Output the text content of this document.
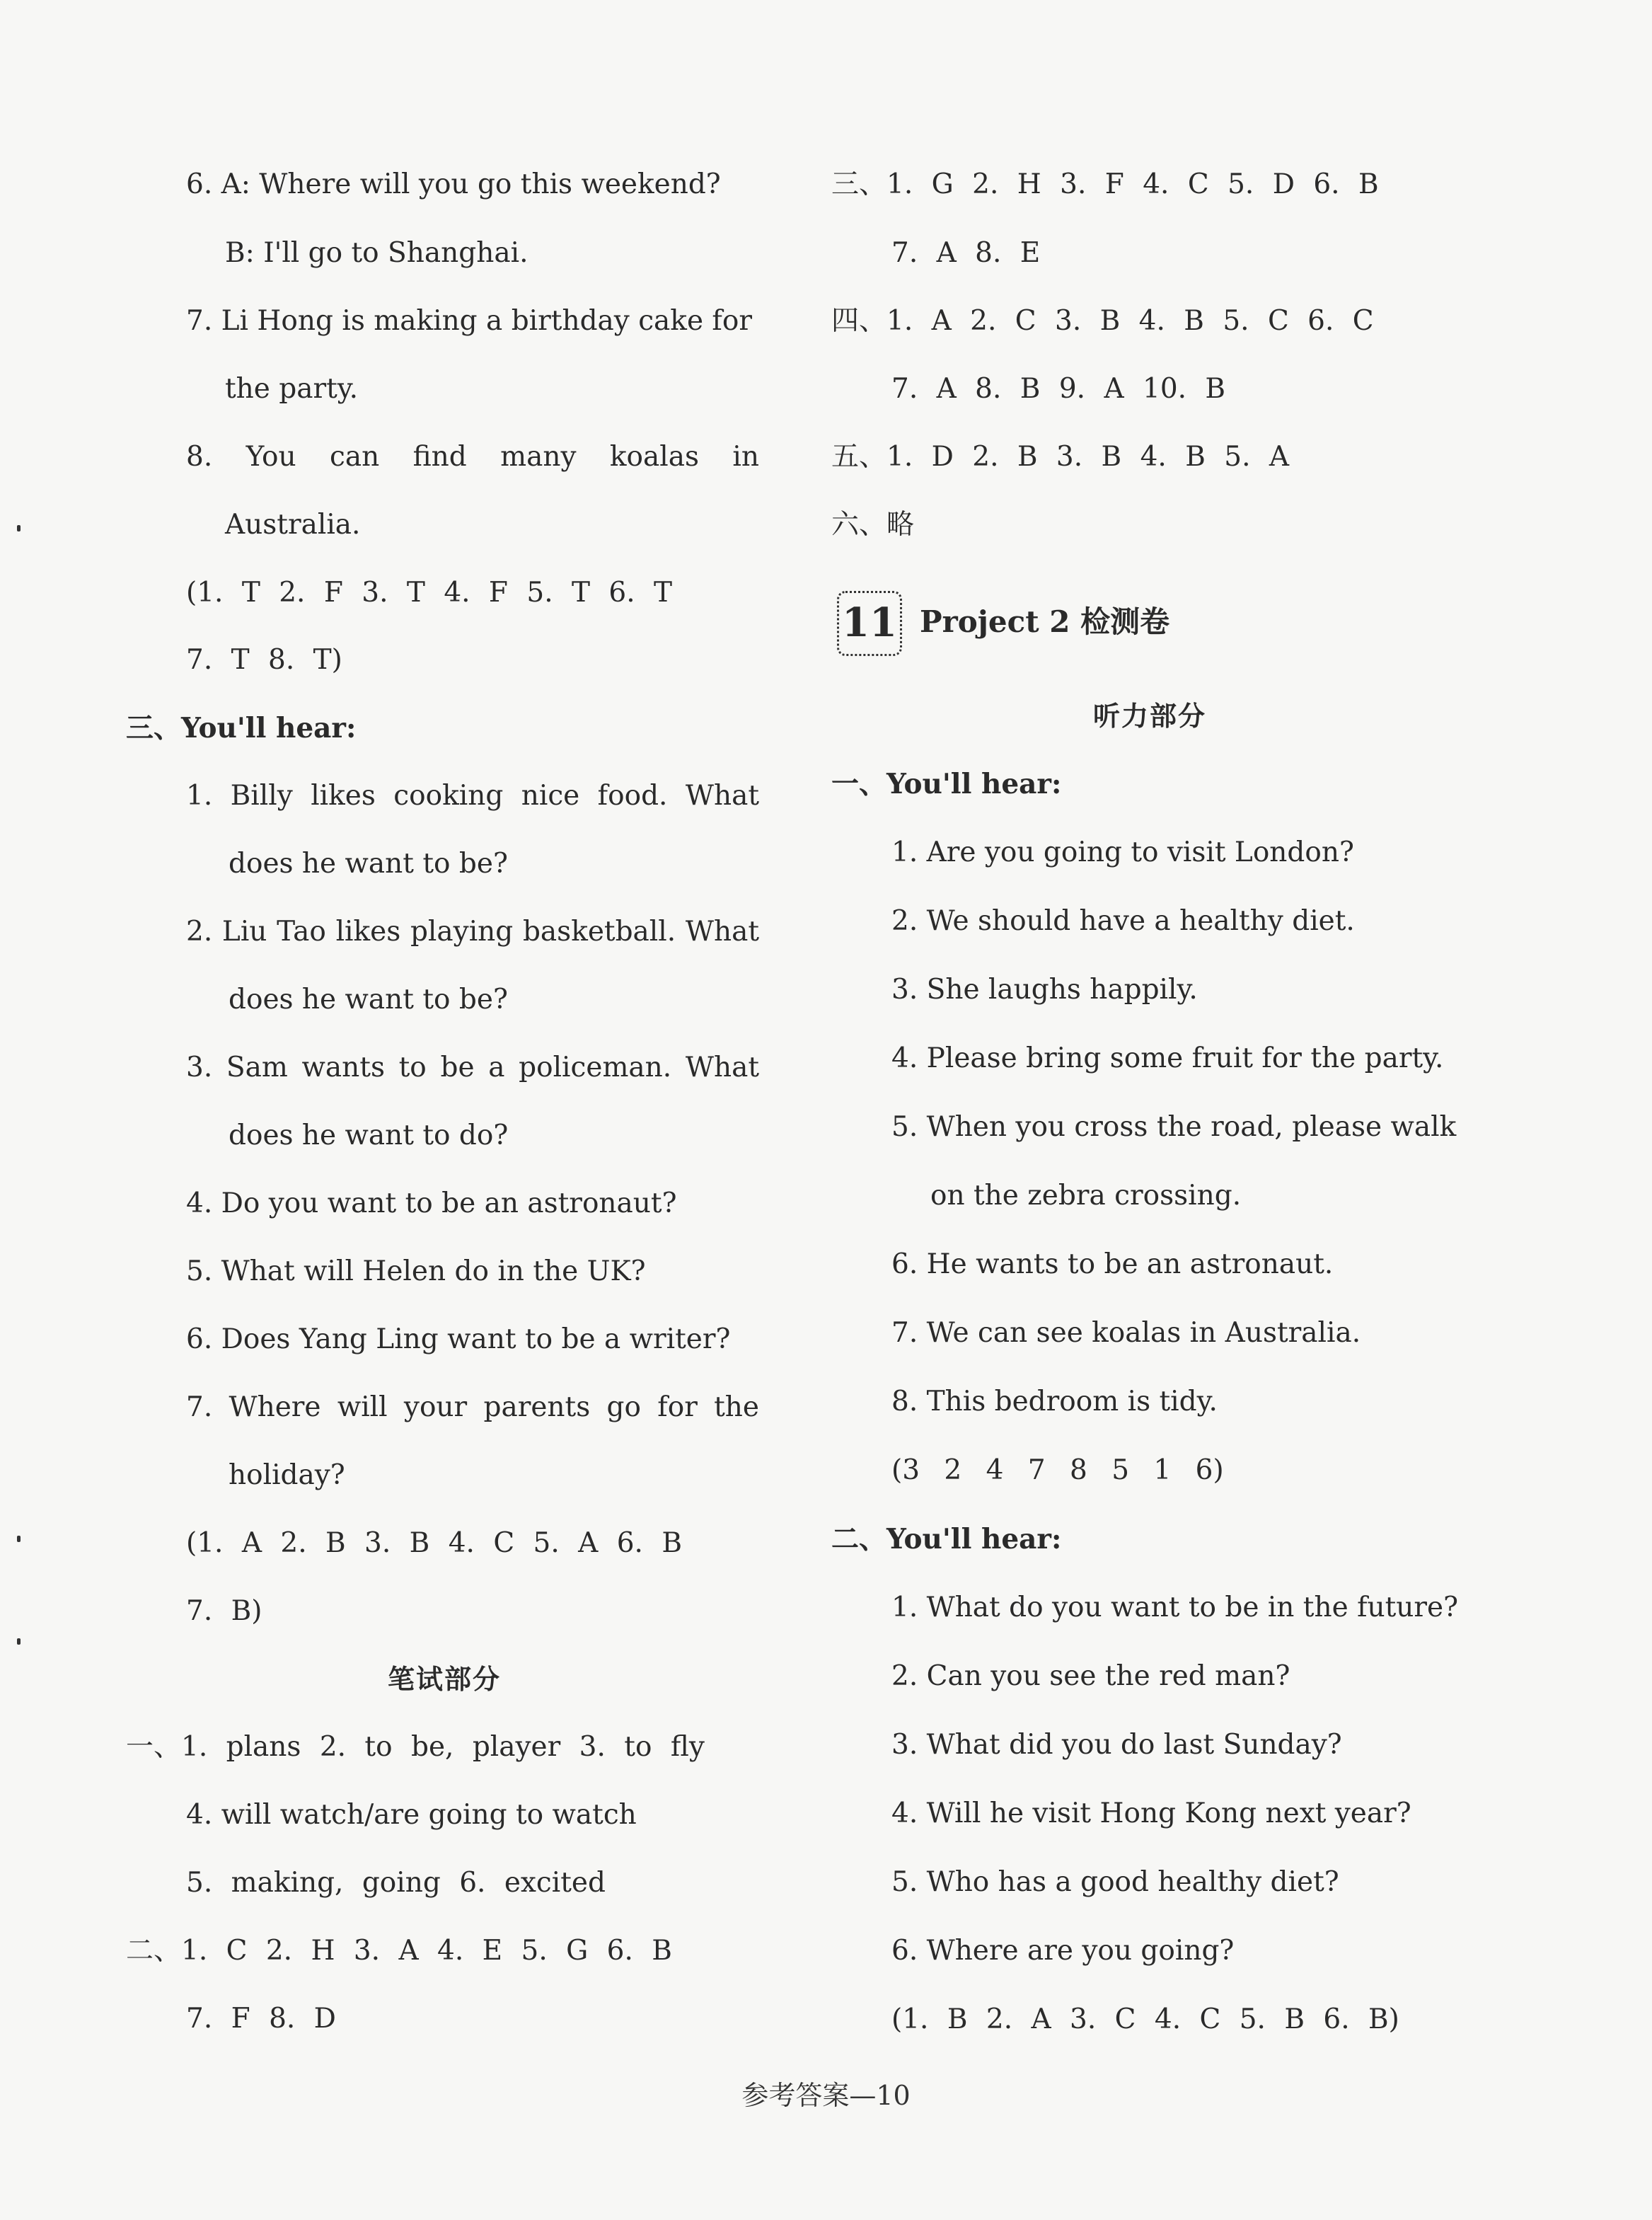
6. A: Where will you go this weekend?
B: I'll go to Shanghai.
7. Li Hong is making a birthday cake for
the party.
8. You can find many koalas in
Australia.
(1. T 2. F 3. T 4. F 5. T 6. T
7. T 8. T)
三、You'll hear:
1. Billy likes cooking nice food. What
does he want to be?
2. Liu Tao likes playing basketball. What
does he want to be?
3. Sam wants to be a policeman. What
does he want to do?
4. Do you want to be an astronaut?
5. What will Helen do in the UK?
6. Does Yang Ling want to be a writer?
7. Where will your parents go for the
holiday?
(1. A 2. B 3. B 4. C 5. A 6. B
7. B)
笔试部分
一、1. plans 2. to be, player 3. to fly
4. will watch/are going to watch
5. making, going 6. excited
二、1. C 2. H 3. A 4. E 5. G 6. B
7. F 8. D
三、1. G 2. H 3. F 4. C 5. D 6. B
7. A 8. E
四、1. A 2. C 3. B 4. B 5. C 6. C
7. A 8. B 9. A 10. B
五、1. D 2. B 3. B 4. B 5. A
六、略
11 Project 2 检测卷
听力部分
一、You'll hear:
1. Are you going to visit London?
2. We should have a healthy diet.
3. She laughs happily.
4. Please bring some fruit for the party.
5. When you cross the road, please walk
on the zebra crossing.
6. He wants to be an astronaut.
7. We can see koalas in Australia.
8. This bedroom is tidy.
(3 2 4 7 8 5 1 6)
二、You'll hear:
1. What do you want to be in the future?
2. Can you see the red man?
3. What did you do last Sunday?
4. Will he visit Hong Kong next year?
5. Who has a good healthy diet?
6. Where are you going?
(1. B 2. A 3. C 4. C 5. B 6. B)
参考答案—10
